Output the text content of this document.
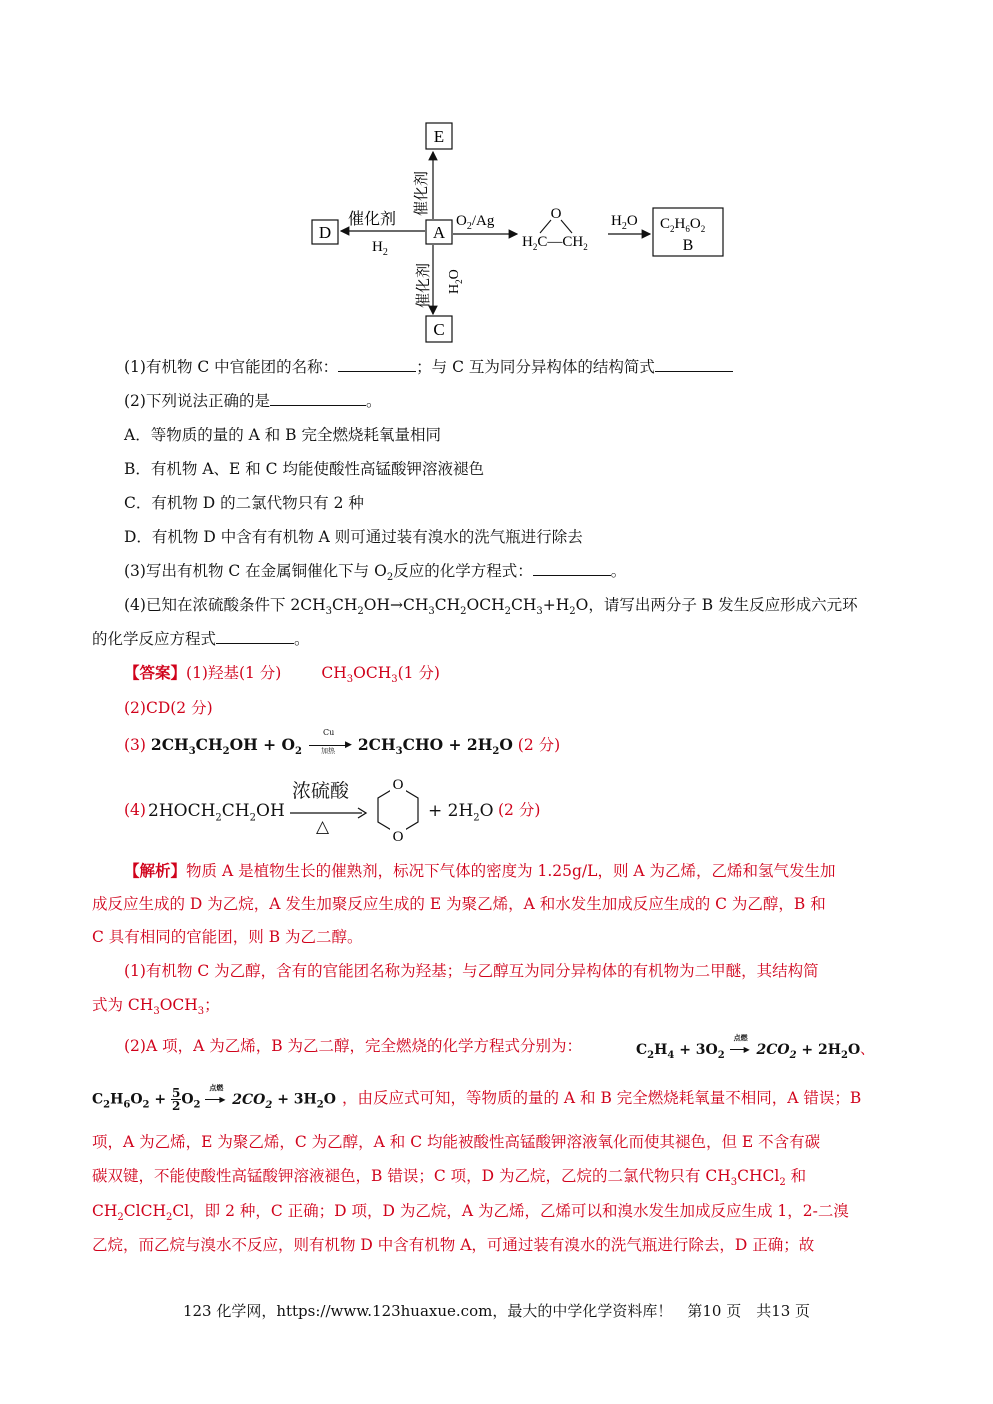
E
A
D
C
催化剂
催化剂
$H_2$
催化剂 $H_2O$
$O_2/Ag$	O
$H_2C—CH_2$
$H_2O$ $C_2H_6O_2$
B
(1)有机物 C 中官能团的名称：	；与 C 互为同分异构体的结构简式
(2)下列说法正确的是	。
A．等物质的量的 A 和 B 完全燃烧耗氧量相同
B．有机物 A、E 和 C 均能使酸性高锰酸钾溶液褪色
C．有机物 D 的二氯代物只有 2 种
D．有机物 D 中含有有机物 A 则可通过装有溴水的洗气瓶进行除去
(3)写出有机物 C 在金属铜催化下与 $O_2$反应的化学方程式：	。
(4)已知在浓硫酸条件下 $2CH_3CH_2OH\to CH_3CH_2OCH_2CH_3+H_2O$，请写出两分子 B 发生反应形成六元环
的化学反应方程式	。
【答案】(1)羟基(1 分)	$CH_3OCH_3(1$ 分)
(2)CD(2 分)
(3) $2CH_3CH_2OH + O_2$
Cu
▶
加热 $2CH_3CHO + 2H_2O$ (2 分)
(4) $2HOCH_2CH_2OH$
浓硫酸
△
O
O
+ $2H_2O$ (2 分)
【解析】物质 A 是植物生长的催熟剂，标况下气体的密度为 1.25g/L，则 A 为乙烯，乙烯和氢气发生加
成反应生成的 D 为乙烷，A 发生加聚反应生成的 E 为聚乙烯，A 和水发生加成反应生成的 C 为乙醇，B 和
C 具有相同的官能团，则 B 为乙二醇。
(1)有机物 C 为乙醇，含有的官能团名称为羟基；与乙醇互为同分异构体的有机物为二甲醚，其结构简
式为 $CH_3OCH_3$；
(2)A 项，A 为乙烯，B 为乙二醇，完全燃烧的化学方程式分别为：	$C_2H_4 + 3O_2$
点燃
▶ $2CO_2 + 2H_2O$、
$C_2H_6O_2 + \frac{5}{2} O_2$
点燃
▶ $2CO_2 + 3H_2O$ ，由反应式可知，等物质的量的 A 和 B 完全燃烧耗氧量不相同，A 错误；B
项，A 为乙烯，E 为聚乙烯，C 为乙醇，A 和 C 均能被酸性高锰酸钾溶液氧化而使其褪色，但 E 不含有碳
碳双键，不能使酸性高锰酸钾溶液褪色，B 错误；C 项，D 为乙烷，乙烷的二氯代物只有 $CH_3CHCl_2$ 和
$CH_2ClCH_2Cl$，即 2 种，C 正确；D 项，D 为乙烷，A 为乙烯，乙烯可以和溴水发生加成反应生成 1，2-二溴
乙烷，而乙烷与溴水不反应，则有机物 D 中含有机物 A，可通过装有溴水的洗气瓶进行除去，D 正确；故
123 化学网，https://www.123huaxue.com，最大的中学化学资料库！　第10 页　共13 页
